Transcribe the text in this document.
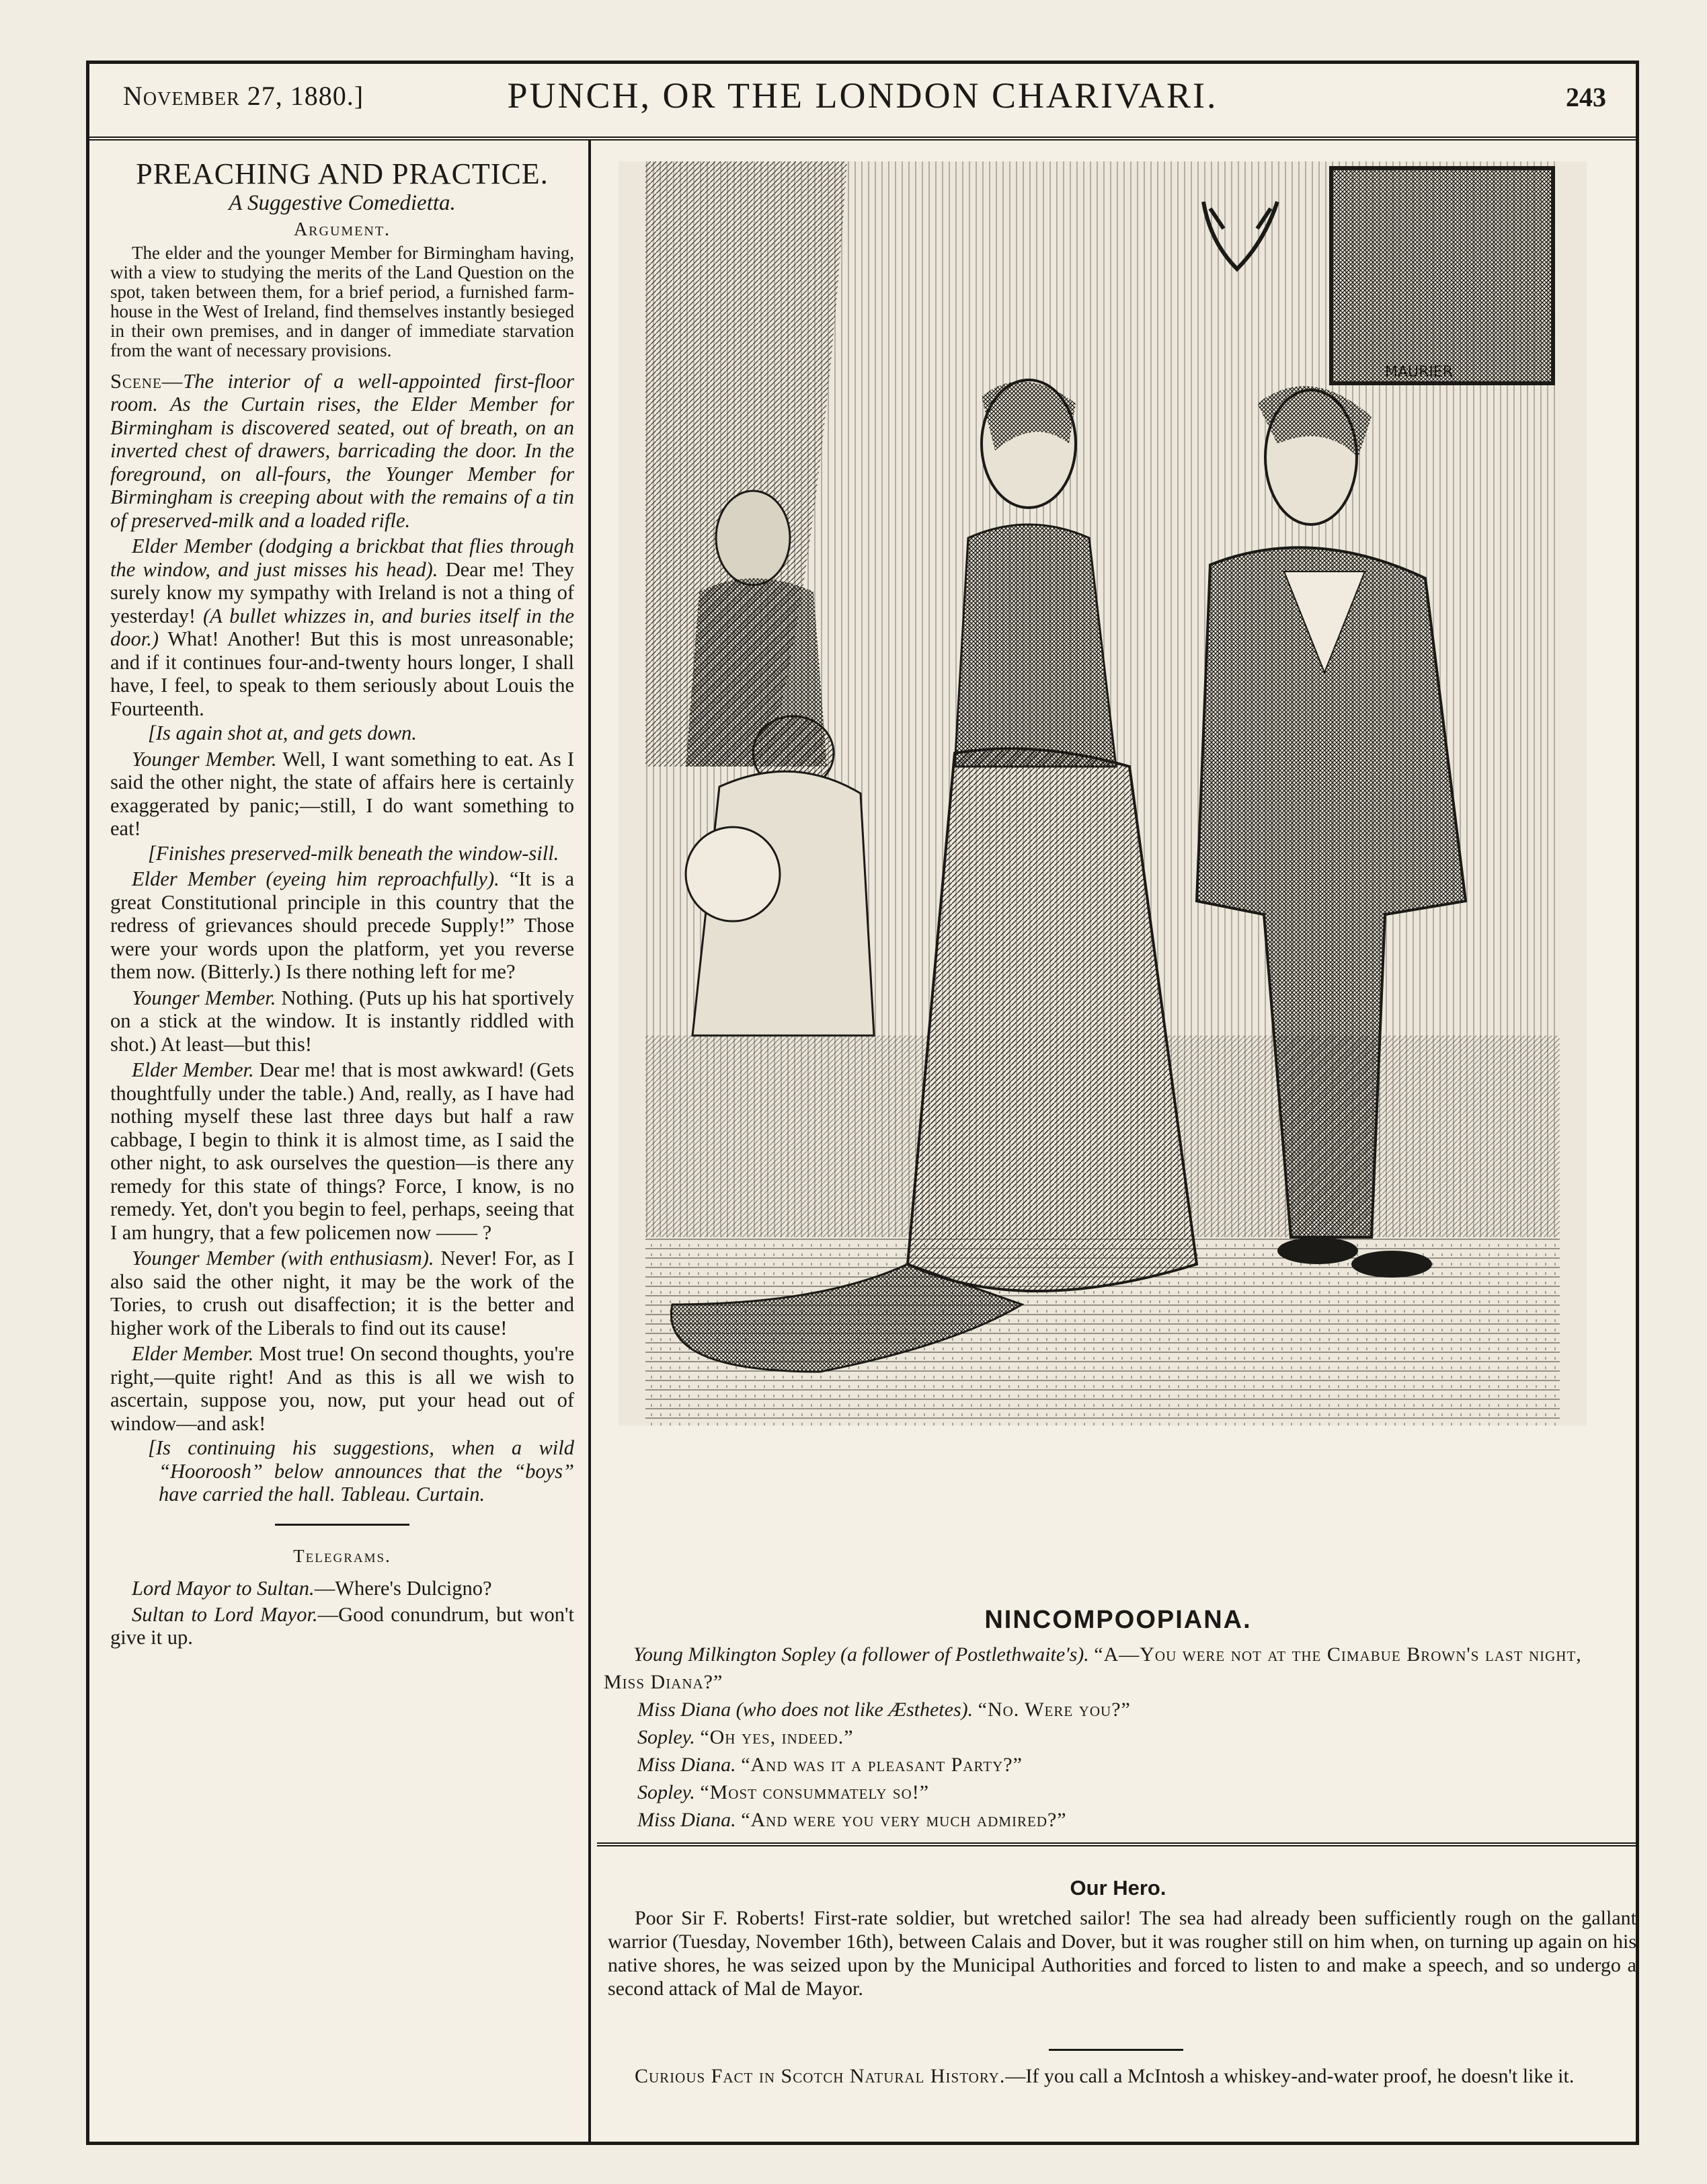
November 27, 1880.]	PUNCH, OR THE LONDON CHARIVARI.	243
PREACHING AND PRACTICE.
A Suggestive Comedietta.
Argument.

The elder and the younger Member for Birmingham having, with a view to studying the merits of the Land Question on the spot, taken between them, for a brief period, a furnished farm-house in the West of Ireland, find themselves instantly besieged in their own premises, and in danger of immediate starvation from the want of necessary provisions.

Scene—The interior of a well-appointed first-floor room. As the Curtain rises, the Elder Member for Birmingham is discovered seated, out of breath, on an inverted chest of drawers, barricading the door. In the foreground, on all-fours, the Younger Member for Birmingham is creeping about with the remains of a tin of preserved-milk and a loaded rifle.

Elder Member (dodging a brickbat that flies through the window, and just misses his head). Dear me! They surely know my sympathy with Ireland is not a thing of yesterday! (A bullet whizzes in, and buries itself in the door.) What! Another! But this is most unreasonable; and if it continues four-and-twenty hours longer, I shall have, I feel, to speak to them seriously about Louis the Fourteenth.

[Is again shot at, and gets down.

Younger Member. Well, I want something to eat. As I said the other night, the state of affairs here is certainly exaggerated by panic;—still, I do want something to eat!

[Finishes preserved-milk beneath the window-sill.

Elder Member (eyeing him reproachfully). “It is a great Constitutional principle in this country that the redress of grievances should precede Supply!” Those were your words upon the platform, yet you reverse them now. (Bitterly.) Is there nothing left for me?

Younger Member. Nothing. (Puts up his hat sportively on a stick at the window. It is instantly riddled with shot.) At least—but this!

Elder Member. Dear me! that is most awkward! (Gets thoughtfully under the table.) And, really, as I have had nothing myself these last three days but half a raw cabbage, I begin to think it is almost time, as I said the other night, to ask ourselves the question—is there any remedy for this state of things? Force, I know, is no remedy. Yet, don't you begin to feel, perhaps, seeing that I am hungry, that a few policemen now —— ?

Younger Member (with enthusiasm). Never! For, as I also said the other night, it may be the work of the Tories, to crush out disaffection; it is the better and higher work of the Liberals to find out its cause!

Elder Member. Most true! On second thoughts, you're right,—quite right! And as this is all we wish to ascertain, suppose you, now, put your head out of window—and ask!

[Is continuing his suggestions, when a wild “Hooroosh” below announces that the “boys” have carried the hall. Tableau. Curtain.

Telegrams.

Lord Mayor to Sultan.—Where's Dulcigno?

Sultan to Lord Mayor.—Good conundrum, but won't give it up.

MAURIER
NINCOMPOOPIANA.
Young Milkington Sopley (a follower of Postlethwaite's). “A—You were not at the Cimabue Brown's last night, Miss Diana?”
Miss Diana (who does not like Æsthetes). “No. Were you?”
Sopley. “Oh yes, indeed.”
Miss Diana. “And was it a pleasant Party?”
Sopley. “Most consummately so!”
Miss Diana. “And were you very much admired?”
Our Hero.
Poor Sir F. Roberts! First-rate soldier, but wretched sailor! The sea had already been sufficiently rough on the gallant warrior (Tuesday, November 16th), between Calais and Dover, but it was rougher still on him when, on turning up again on his native shores, he was seized upon by the Municipal Authorities and forced to listen to and make a speech, and so undergo a second attack of Mal de Mayor.
Curious Fact in Scotch Natural History.—If you call a McIntosh a whiskey-and-water proof, he doesn't like it.
